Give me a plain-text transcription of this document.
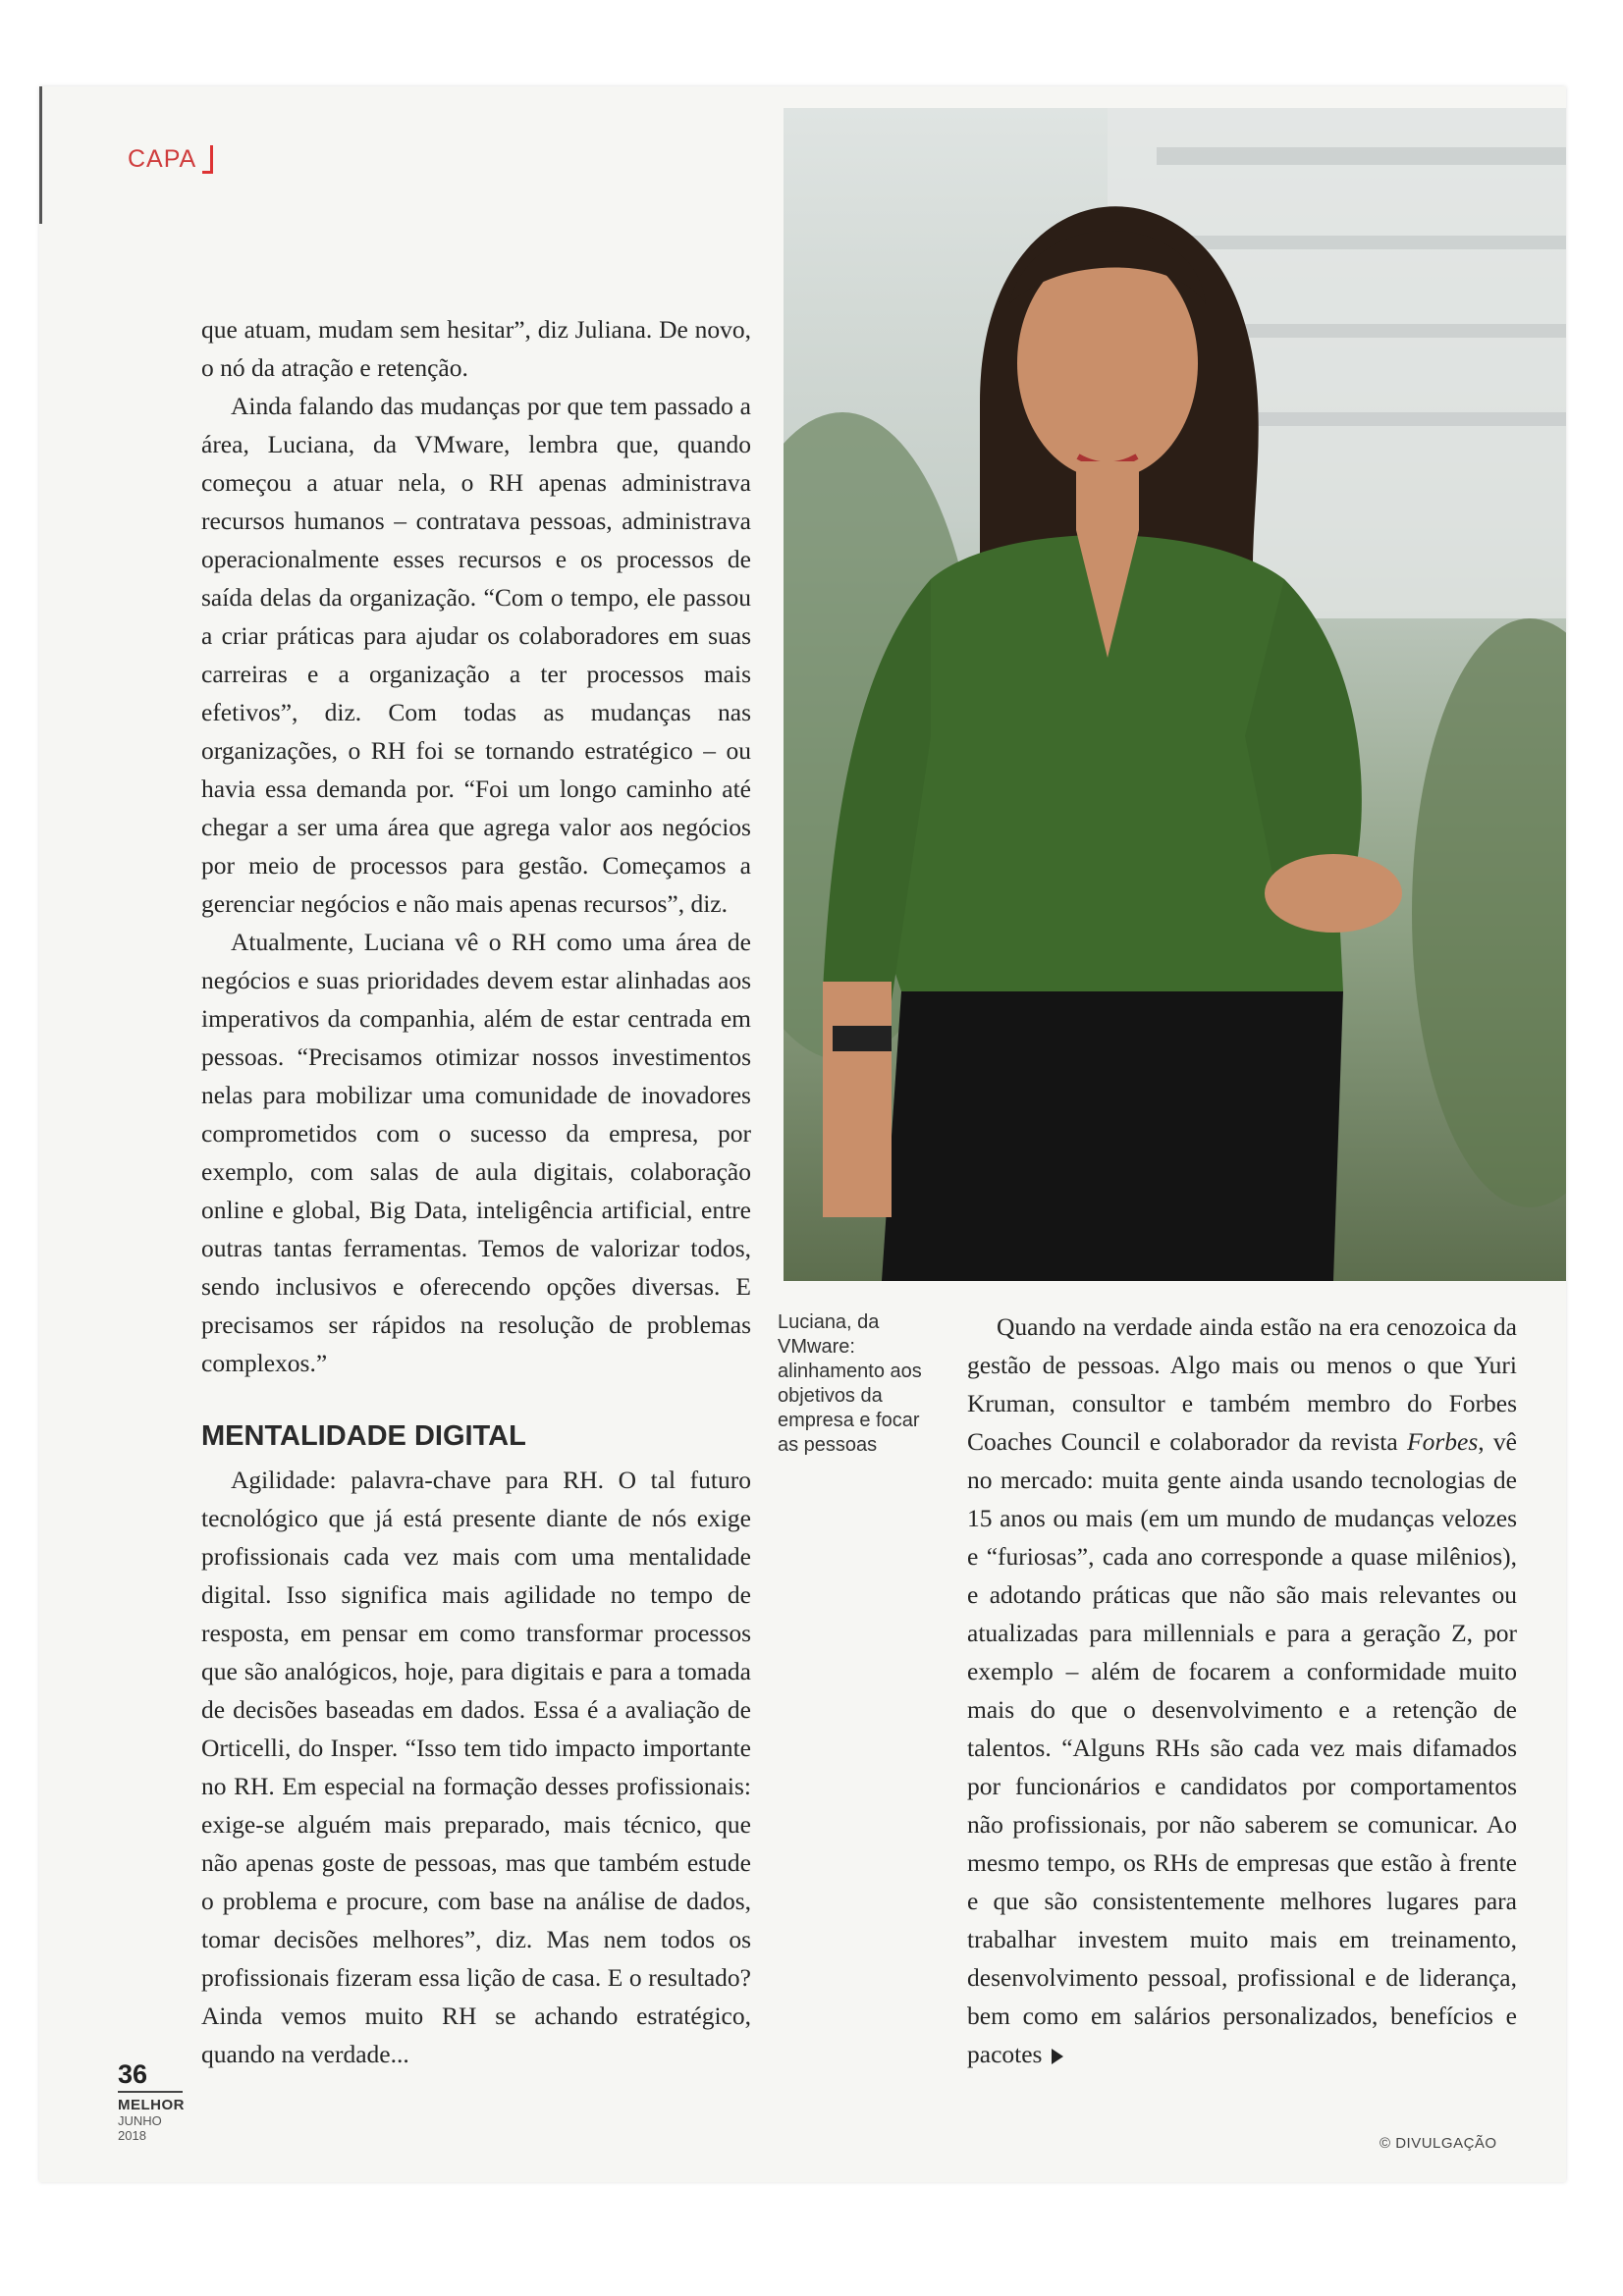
CAPA

que atuam, mudam sem hesitar”, diz Juliana. De novo, o nó da atração e retenção.

Ainda falando das mudanças por que tem passado a área, Luciana, da VMware, lembra que, quando começou a atuar nela, o RH apenas administrava recursos humanos – contratava pessoas, administrava operacionalmente esses recursos e os processos de saída delas da organização. “Com o tempo, ele passou a criar práticas para ajudar os colaboradores em suas carreiras e a organização a ter processos mais efetivos”, diz. Com todas as mudanças nas organizações, o RH foi se tornando estratégico – ou havia essa demanda por. “Foi um longo caminho até chegar a ser uma área que agrega valor aos negócios por meio de processos para gestão. Começamos a gerenciar negócios e não mais apenas recursos”, diz.

Atualmente, Luciana vê o RH como uma área de negócios e suas prioridades devem estar alinhadas aos imperativos da companhia, além de estar centrada em pessoas. “Precisamos otimizar nossos investimentos nelas para mobilizar uma comunidade de inovadores comprometidos com o sucesso da empresa, por exemplo, com salas de aula digitais, colaboração online e global, Big Data, inteligência artificial, entre outras tantas ferramentas. Temos de valorizar todos, sendo inclusivos e oferecendo opções diversas. E precisamos ser rápidos na resolução de problemas complexos.”

MENTALIDADE DIGITAL

Agilidade: palavra-chave para RH. O tal futuro tecnológico que já está presente diante de nós exige profissionais cada vez mais com uma mentalidade digital. Isso significa mais agilidade no tempo de resposta, em pensar em como transformar processos que são analógicos, hoje, para digitais e para a tomada de decisões baseadas em dados. Essa é a avaliação de Orticelli, do Insper. “Isso tem tido impacto importante no RH. Em especial na formação desses profissionais: exige-se alguém mais preparado, mais técnico, que não apenas goste de pessoas, mas que também estude o problema e procure, com base na análise de dados, tomar decisões melhores”, diz. Mas nem todos os profissionais fizeram essa lição de casa. E o resultado? Ainda vemos muito RH se achando estratégico, quando na verdade...

Luciana, da VMware: alinhamento aos objetivos da empresa e focar as pessoas

Quando na verdade ainda estão na era cenozoica da gestão de pessoas. Algo mais ou menos o que Yuri Kruman, consultor e também membro do Forbes Coaches Council e colaborador da revista Forbes, vê no mercado: muita gente ainda usando tecnologias de 15 anos ou mais (em um mundo de mudanças velozes e “furiosas”, cada ano corresponde a quase milênios), e adotando práticas que não são mais relevantes ou atualizadas para millennials e para a geração Z, por exemplo – além de focarem a conformidade muito mais do que o desenvolvimento e a retenção de talentos. “Alguns RHs são cada vez mais difamados por funcionários e candidatos por comportamentos não profissionais, por não saberem se comunicar. Ao mesmo tempo, os RHs de empresas que estão à frente e que são consistentemente melhores lugares para trabalhar investem muito mais em treinamento, desenvolvimento pessoal, profissional e de liderança, bem como em salários personalizados, benefícios e pacotes

36
MELHOR
JUNHO
2018	© DIVULGAÇÃO
